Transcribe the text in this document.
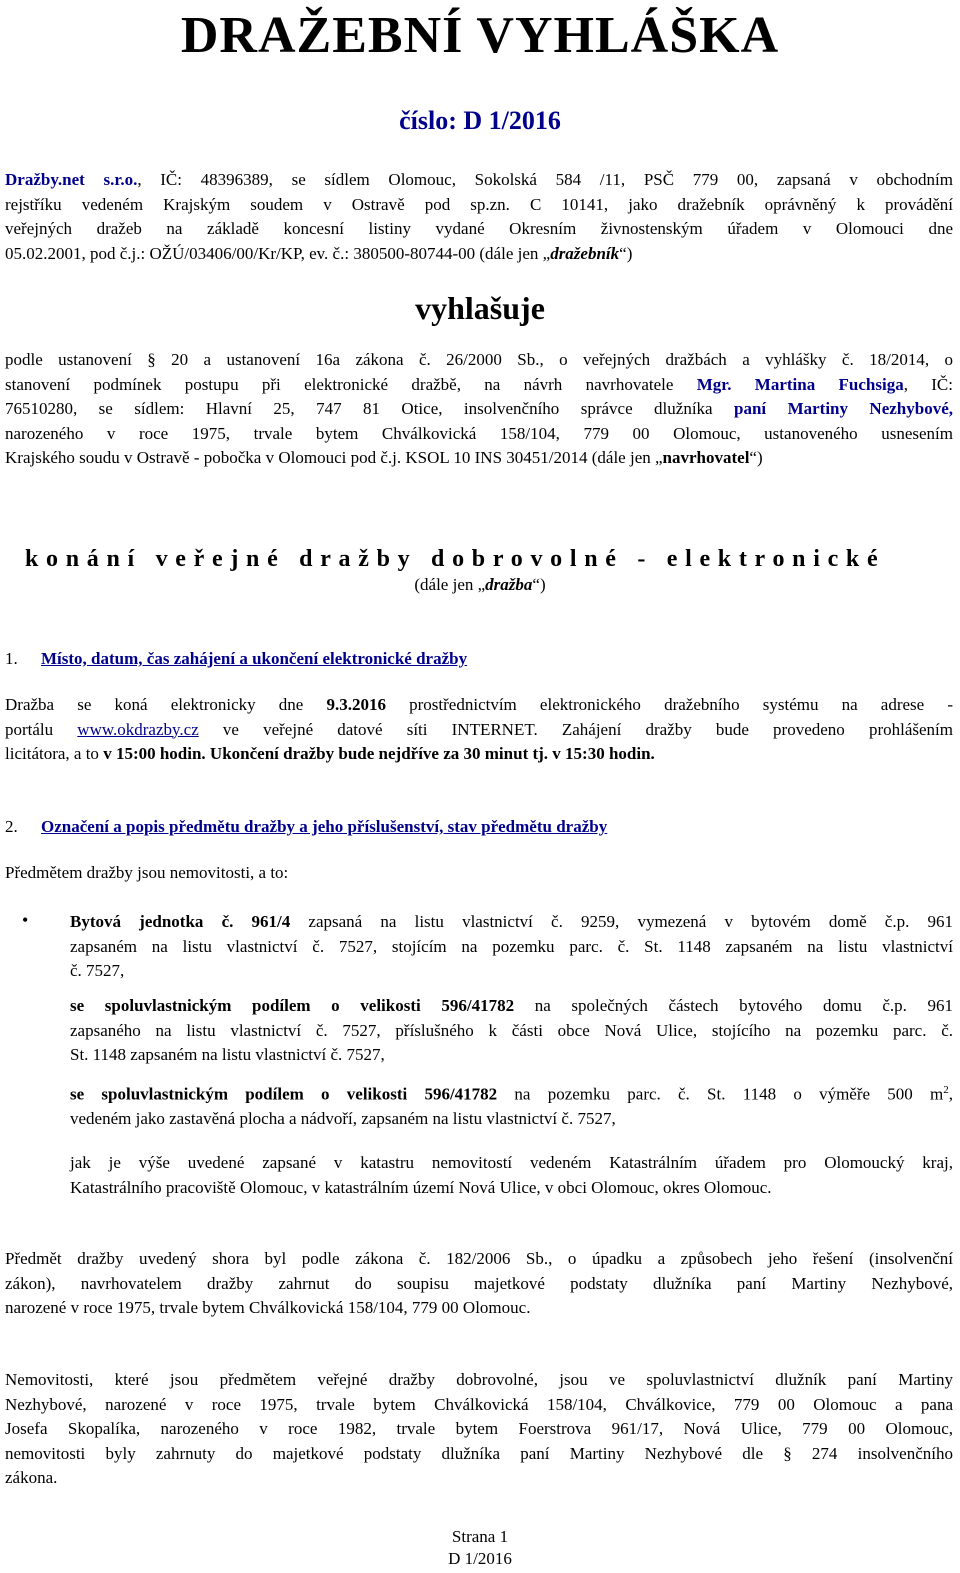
DRAŽEBNÍ VYHLÁŠKA
číslo: D 1/2016
Dražby.net s.r.o., IČ: 48396389, se sídlem Olomouc, Sokolská 584 /11, PSČ 779 00, zapsaná v obchodním
rejstříku vedeném Krajským soudem v Ostravě pod sp.zn. C 10141, jako dražebník oprávněný k provádění
veřejných dražeb na základě koncesní listiny vydané Okresním živnostenským úřadem v Olomouci dne
05.02.2001, pod č.j.: OŽÚ/03406/00/Kr/KP, ev. č.: 380500-80744-00 (dále jen „dražebník“)
vyhlašuje
podle ustanovení § 20 a ustanovení 16a zákona č. 26/2000 Sb., o veřejných dražbách a vyhlášky č. 18/2014, o
stanovení podmínek postupu při elektronické dražbě, na návrh navrhovatele Mgr. Martina Fuchsiga, IČ:
76510280, se sídlem: Hlavní 25, 747 81 Otice, insolvenčního správce dlužníka paní Martiny Nezhybové,
narozeného v roce 1975, trvale bytem Chválkovická 158/104, 779 00 Olomouc, ustanoveného usnesením
Krajského soudu v Ostravě - pobočka v Olomouci pod č.j. KSOL 10 INS 30451/2014 (dále jen „navrhovatel“)
konání veřejné dražby dobrovolné - elektronické
(dále jen „dražba“)
1. Místo, datum, čas zahájení a ukončení elektronické dražby
Dražba se koná elektronicky dne 9.3.2016 prostřednictvím elektronického dražebního systému na adrese -
portálu www.okdrazby.cz ve veřejné datové síti INTERNET. Zahájení dražby bude provedeno prohlášením
licitátora, a to v 15:00 hodin. Ukončení dražby bude nejdříve za 30 minut tj. v 15:30 hodin.
2. Označení a popis předmětu dražby a jeho příslušenství, stav předmětu dražby
Předmětem dražby jsou nemovitosti, a to:
• Bytová jednotka č. 961/4 zapsaná na listu vlastnictví č. 9259, vymezená v bytovém domě č.p. 961
zapsaném na listu vlastnictví č. 7527, stojícím na pozemku parc. č. St. 1148 zapsaném na listu vlastnictví
č. 7527,
se spoluvlastnickým podílem o velikosti 596/41782 na společných částech bytového domu č.p. 961
zapsaného na listu vlastnictví č. 7527, příslušného k části obce Nová Ulice, stojícího na pozemku parc. č.
St. 1148 zapsaném na listu vlastnictví č. 7527,
se spoluvlastnickým podílem o velikosti 596/41782 na pozemku parc. č. St. 1148 o výměře 500 $m^2$,
vedeném jako zastavěná plocha a nádvoří, zapsaném na listu vlastnictví č. 7527,
jak je výše uvedené zapsané v katastru nemovitostí vedeném Katastrálním úřadem pro Olomoucký kraj,
Katastrálního pracoviště Olomouc, v katastrálním území Nová Ulice, v obci Olomouc, okres Olomouc.
Předmět dražby uvedený shora byl podle zákona č. 182/2006 Sb., o úpadku a způsobech jeho řešení (insolvenční
zákon), navrhovatelem dražby zahrnut do soupisu majetkové podstaty dlužníka paní Martiny Nezhybové,
narozené v roce 1975, trvale bytem Chválkovická 158/104, 779 00 Olomouc.
Nemovitosti, které jsou předmětem veřejné dražby dobrovolné, jsou ve spoluvlastnictví dlužník paní Martiny
Nezhybové, narozené v roce 1975, trvale bytem Chválkovická 158/104, Chválkovice, 779 00 Olomouc a pana
Josefa Skopalíka, narozeného v roce 1982, trvale bytem Foerstrova 961/17, Nová Ulice, 779 00 Olomouc,
nemovitosti byly zahrnuty do majetkové podstaty dlužníka paní Martiny Nezhybové dle § 274 insolvenčního
zákona.
Strana 1
D 1/2016
